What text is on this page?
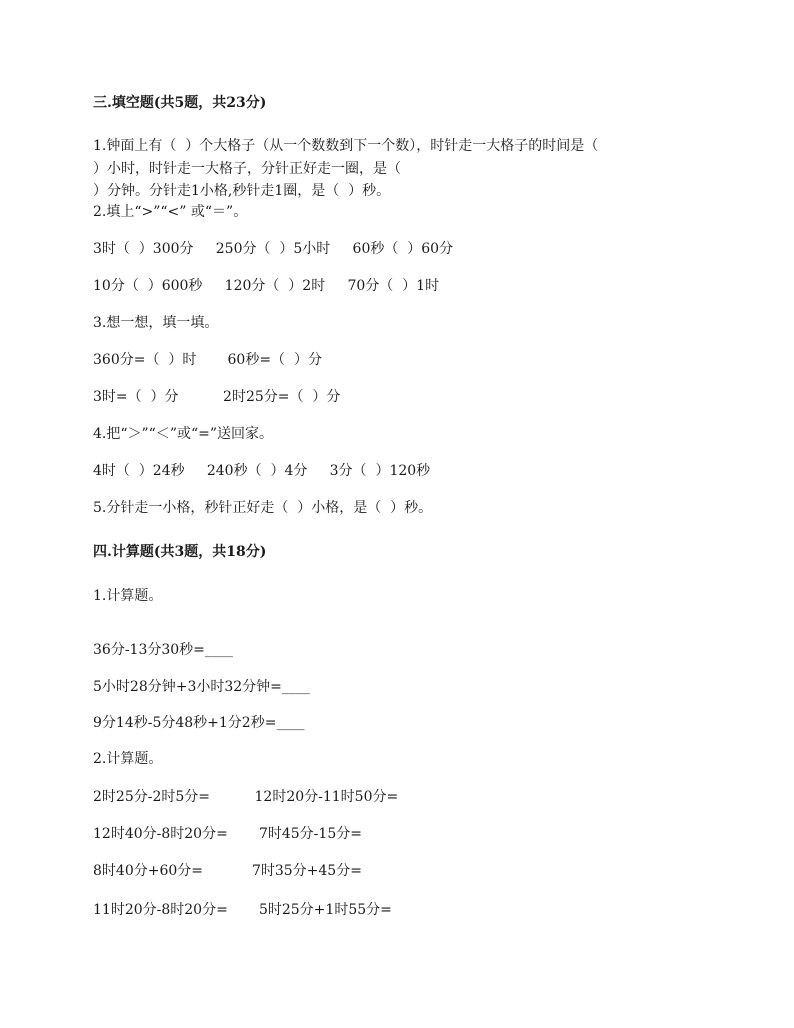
三.填空题(共5题，共23分)
1.钟面上有（  ）个大格子（从一个数数到下一个数），时针走一大格子的时间是（
）小时，时针走一大格子，分针正好走一圈，是（
）分钟。分针走1小格,秒针走1圈，是（  ）秒。
2.填上“>”“<” 或“＝”。
3时（  ）300分     250分（  ）5小时     60秒（  ）60分
10分（  ）600秒     120分（  ）2时     70分（  ）1时
3.想一想，填一填。
360分=（  ）时       60秒=（  ）分
3时=（  ）分          2时25分=（  ）分
4.把“＞”“＜”或“=”送回家。
4时（  ）24秒     240秒（  ）4分     3分（  ）120秒
5.分针走一小格，秒针正好走（  ）小格，是（  ）秒。
四.计算题(共3题，共18分)
1.计算题。
36分-13分30秒=____
5小时28分钟+3小时32分钟=____
9分14秒-5分48秒+1分2秒=____
2.计算题。
2时25分-2时5分=          12时20分-11时50分=
12时40分-8时20分=       7时45分-15分=
8时40分+60分=           7时35分+45分=
11时20分-8时20分=       5时25分+1时55分=
